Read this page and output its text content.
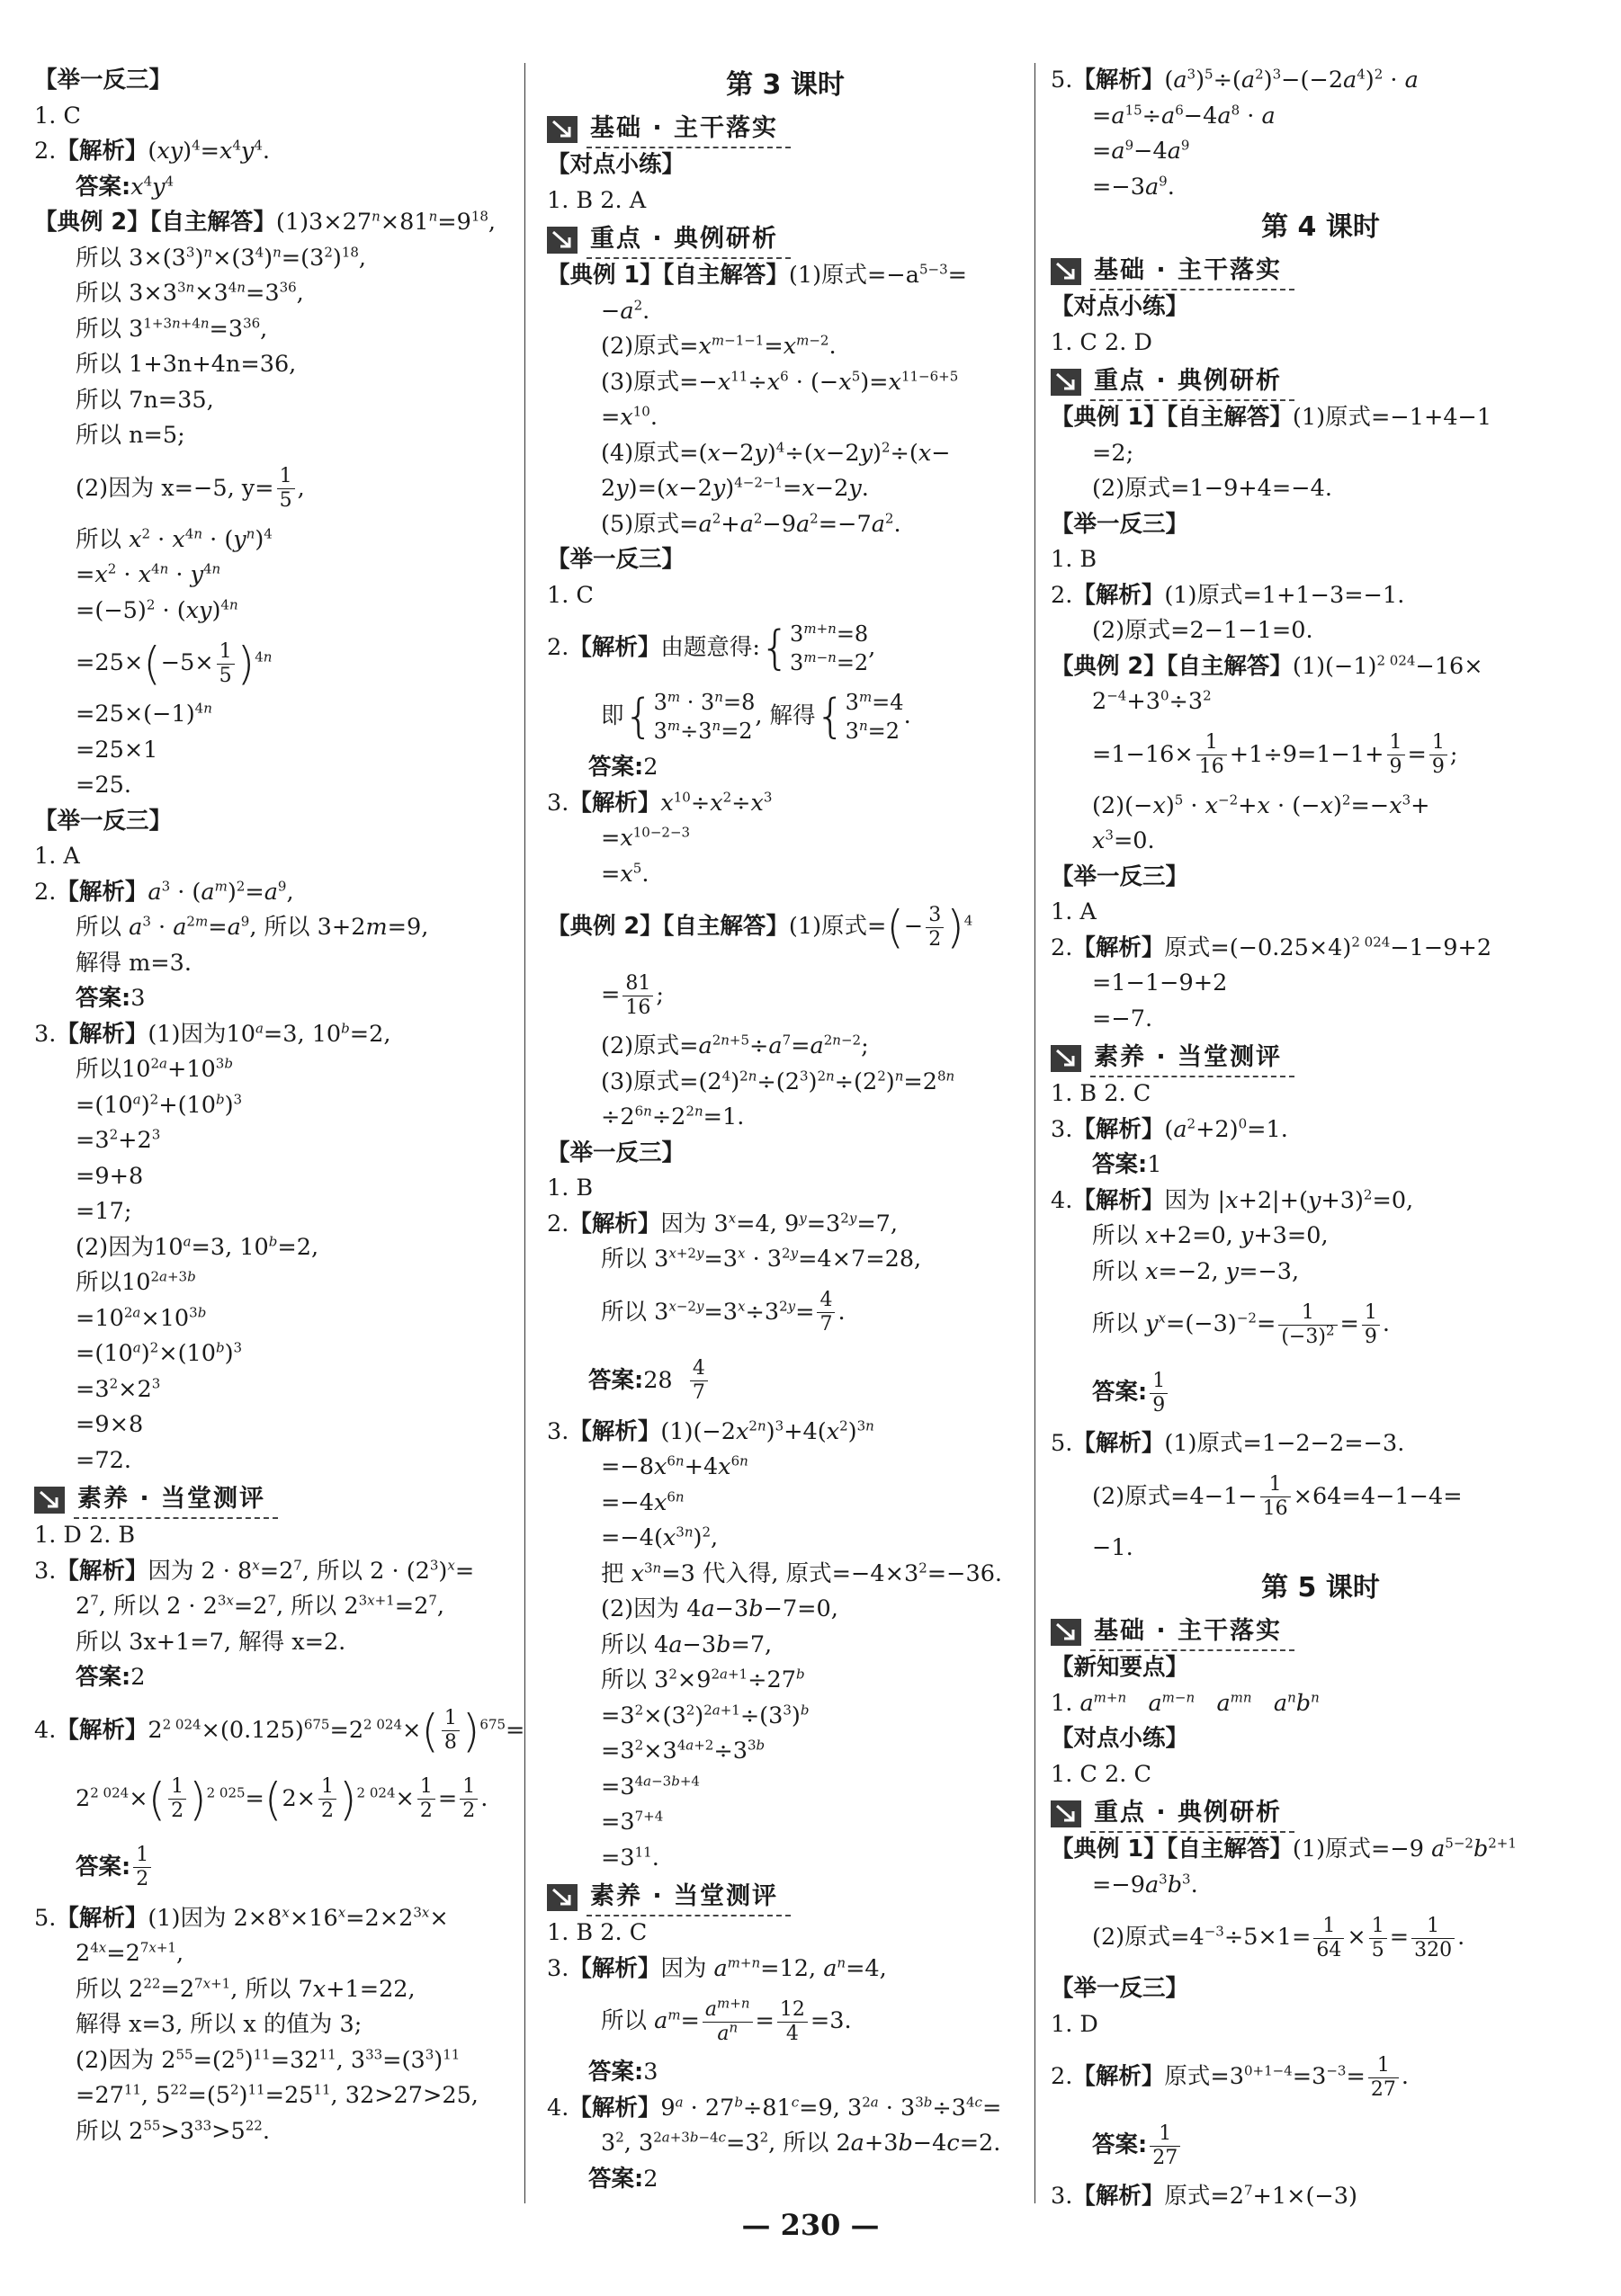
【举一反三】
1. C
2.【解析】$(xy)^4=x^4y^4$.
答案$:x^4y^4$
【典例 2】【自主解答】$(1)3\times 27^n\times 81^n=9^{18}$,
所以 $3\times(3^3)^n\times(3^4)^n=(3^2)^{18}$,
所以 $3\times 3^{3n}\times 3^{4n}=3^{36}$,
所以 $3^{1+3n+4n}=3^{36}$,
所以 1+3n+4n=36,
所以 7n=35,
所以 n=5;
(2)因为 x=−5, $y= \frac{1}{5}$ ,
所以 $x^2 \cdot x^{4n} \cdot (y^n)^4$
$=x^2 \cdot x^{4n} \cdot y^{4n}$
$=(-5)^2 \cdot (xy)^{4n}$
$=25\times(-5\times \frac{1}{5} )^{4n}$
$=25\times(-1)^{4n}$
=25×1
=25.
【举一反三】
1. A
2.【解析】$a^3 \cdot (a^m)^2=a^9$,
所以 $a^3 \cdot a^{2m}=a^9$, 所以 3+2m=9,
解得 m=3.
答案:3
3.【解析】(1)因为$10^a=3$, $10^b=2$,
所以$10^{2a}+10^{3b}$
$=(10^a)^2+(10^b)^3$
$=3^2+2^3$
=9+8
=17;
(2)因为$10^a=3$, $10^b=2$,
所以$10^{2a+3b}$
$=10^{2a}\times 10^{3b}$
$=(10^a)^2\times(10^b)^3$
$=3^2\times 2^3$
=9×8
=72.
素养 · 当堂测评
1. D 2. B
3.【解析】因为 $2 \cdot 8^x=2^7$, 所以 $2 \cdot (2^3)^x=$
$2^7$, 所以 $2 \cdot 2^{3x}=2^7$, 所以 $2^{3x+1}=2^7$,
所以 3x+1=7, 解得 x=2.
答案:2
4.【解析】$2^{2 024}\times(0.125)^{675}=2^{2 024}\times( \frac{1}{8} )^{675}=$
$2^{2 024}\times( \frac{1}{2} )^{2 025}=(2\times \frac{1}{2} )^{2 024}\times \frac{1}{2} = \frac{1}{2}$ .
答案: $\frac{1}{2}$
5.【解析】(1)因为 $2\times 8^x\times 16^x=2\times 2^{3x}\times$
$2^{4x}=2^{7x+1}$,
所以 $2^{22}=2^{7x+1}$, 所以 7x+1=22,
解得 x=3, 所以 x 的值为 3;
(2)因为 $2^{55}=(2^5)^{11}=32^{11}$, $3^{33}=(3^3)^{11}$
$=27^{11}$, $5^{22}=(5^2)^{11}=25^{11}$, 32>27>25,
所以 $2^{55}>3^{33}>5^{22}$.
第 3 课时
基础 · 主干落实
【对点小练】
1. B 2. A
重点 · 典例研析
【典例 1】【自主解答】(1)原式$=-a^{5-3}=$
$-a^2$.
(2)原式$=x^{m-1-1}=x^{m-2}$.
(3)原式$=-x^{11}\div x^6 \cdot (-x^5)=x^{11-6+5}$
$=x^{10}$.
(4)原式$=(x-2y)^4\div(x-2y)^2\div(x-$
$2y)=(x-2y)^{4-2-1}=x-2y$.
(5)原式$=a^2+a^2-9a^2=-7a^2$.
【举一反三】
1. C
2.【解析】由题意得:{ $3^{m+n}=8$
$3^{m-n}=2$
,
即{ $3^m \cdot 3^n=8$
$3^m\div 3^n=2$
, 解得{ $3^m=4$
$3^n=2$
.
答案:2
3.【解析】$x^{10}\div x^2\div x^3$
$=x^{10-2-3}$
$=x^5$.
【典例 2】【自主解答】(1)原式=(− $\frac{3}{2} )^4$
= $\frac{81}{16}$ ;
(2)原式$=a^{2n+5}\div a^7=a^{2n-2}$;
(3)原式$=(2^4)^{2n}\div(2^3)^{2n}\div(2^2)^n=2^{8n}$
$\div 2^{6n}\div 2^{2n}=1$.
【举一反三】
1. B
2.【解析】因为 $3^x=4$, $9^y=3^{2y}=7$,
所以 $3^{x+2y}=3^x \cdot 3^{2y}=4\times 7=28$,
所以 $3^{x-2y}=3^x\div 3^{2y}= \frac{4}{7}$ .
答案:28 $\frac{4}{7}$
3.【解析】$(1)(-2x^{2n})^3+4(x^2)^{3n}$
$=-8x^{6n}+4x^{6n}$
$=-4x^{6n}$
$=-4(x^{3n})^2$,
把 $x^{3n}=3$ 代入得, 原式$=-4\times 3^2=-36$.
(2)因为 4a−3b−7=0,
所以 4a−3b=7,
所以 $3^2\times 9^{2a+1}\div 27^b$
$=3^2\times(3^2)^{2a+1}\div(3^3)^b$
$=3^2\times 3^{4a+2}\div 3^{3b}$
$=3^{4a-3b+4}$
$=3^{7+4}$
$=3^{11}$.
素养 · 当堂测评
1. B 2. C
3.【解析】因为 $a^{m+n}=12$, $a^n=4$,
所以 $a^m= \frac{a^{m+n}}{a^n} = \frac{12}{4} =3$.
答案:3
4.【解析】$9^a \cdot 27^b\div 81^c=9$, $3^{2a} \cdot 3^{3b}\div 3^{4c}=$
$3^2$, $3^{2a+3b-4c}=3^2$, 所以 2a+3b−4c=2.
答案:2
5.【解析】$(a^3)^5\div(a^2)^3-(-2a^4)^2 \cdot a$
$=a^{15}\div a^6-4a^8 \cdot a$
$=a^9-4a^9$
$=-3a^9$.
第 4 课时
基础 · 主干落实
【对点小练】
1. C 2. D
重点 · 典例研析
【典例 1】【自主解答】(1)原式=−1+4−1
=2;
(2)原式=1−9+4=−4.
【举一反三】
1. B
2.【解析】(1)原式=1+1−3=−1.
(2)原式=2−1−1=0.
【典例 2】【自主解答】$(1)(-1)^{2 024}-16\times$
$2^{-4}+3^0\div 3^2$
$=1-16\times \frac{1}{16} +1\div 9=1-1+ \frac{1}{9} = \frac{1}{9}$ ;
$(2)(-x)^5 \cdot x^{-2}+x \cdot (-x)^2=-x^3+$
$x^3=0$.
【举一反三】
1. A
2.【解析】原式$=(-0.25\times 4)^{2 024}-1-9+2$
=1−1−9+2
=−7.
素养 · 当堂测评
1. B 2. C
3.【解析】$(a^2+2)^0=1$.
答案:1
4.【解析】因为 $|x+2|+(y+3)^2=0$,
所以 x+2=0, y+3=0,
所以 x=−2, y=−3,
所以 $y^x=(-3)^{-2}= \frac{1}{(-3)^2} = \frac{1}{9}$ .
答案: $\frac{1}{9}$
5.【解析】(1)原式=1−2−2=−3.
(2)原式$=4-1- \frac{1}{16} \times 64=4-1-4=$
−1.
第 5 课时
基础 · 主干落实
【新知要点】
1. $a^{m+n}$ $a^{m-n}$ $a^{mn}$ $a^nb^n$
【对点小练】
1. C 2. C
重点 · 典例研析
【典例 1】【自主解答】(1)原式=−9 $a^{5-2}b^{2+1}$
$=-9a^3b^3$.
(2)原式$=4^{-3}\div 5\times 1= \frac{1}{64} \times \frac{1}{5} = \frac{1}{320}$ .
【举一反三】
1. D
2.【解析】原式$=3^{0+1-4}=3^{-3}= \frac{1}{27}$ .
答案: $\frac{1}{27}$
3.【解析】原式$=2^7+1\times(-3)$
— 230 —
